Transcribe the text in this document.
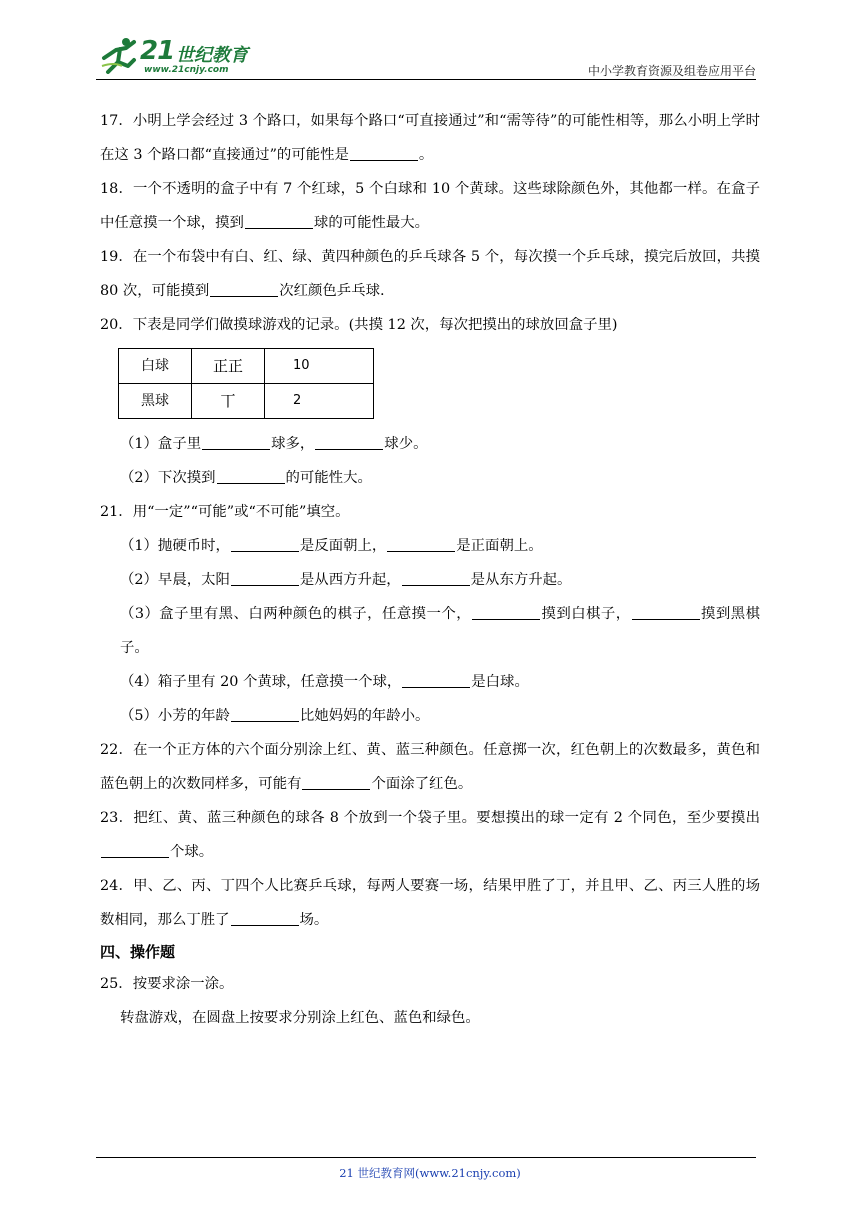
21 世纪教育
www.21cnjy.com	中小学教育资源及组卷应用平台

17．小明上学会经过 3 个路口，如果每个路口“可直接通过”和“需等待”的可能性相等，那么小明上学时在这 3 个路口都“直接通过”的可能性是	。

18．一个不透明的盒子中有 7 个红球，5 个白球和 10 个黄球。这些球除颜色外，其他都一样。在盒子中任意摸一个球，摸到	球的可能性最大。

19．在一个布袋中有白、红、绿、黄四种颜色的乒乓球各 5 个，每次摸一个乒乓球，摸完后放回，共摸 80 次，可能摸到	次红颜色乒乓球.

20．下表是同学们做摸球游戏的记录。(共摸 12 次，每次把摸出的球放回盒子里)

白球	正正	10
黑球	丅	2

（1）盒子里	球多，	球少。

（2）下次摸到	的可能性大。

21．用“一定”“可能”或“不可能”填空。

（1）抛硬币时，	是反面朝上，	是正面朝上。

（2）早晨，太阳	是从西方升起，	是从东方升起。

（3）盒子里有黑、白两种颜色的棋子，任意摸一个，	摸到白棋子，	摸到黑棋子。

（4）箱子里有 20 个黄球，任意摸一个球，	是白球。

（5）小芳的年龄	比她妈妈的年龄小。

22．在一个正方体的六个面分别涂上红、黄、蓝三种颜色。任意掷一次，红色朝上的次数最多，黄色和蓝色朝上的次数同样多，可能有	个面涂了红色。

23．把红、黄、蓝三种颜色的球各 8 个放到一个袋子里。要想摸出的球一定有 2 个同色，至少要摸出个球。

24．甲、乙、丙、丁四个人比赛乒乓球，每两人要赛一场，结果甲胜了丁，并且甲、乙、丙三人胜的场数相同，那么丁胜了	场。

四、操作题

25．按要求涂一涂。

转盘游戏，在圆盘上按要求分别涂上红色、蓝色和绿色。

21 世纪教育网(www.21cnjy.com)
